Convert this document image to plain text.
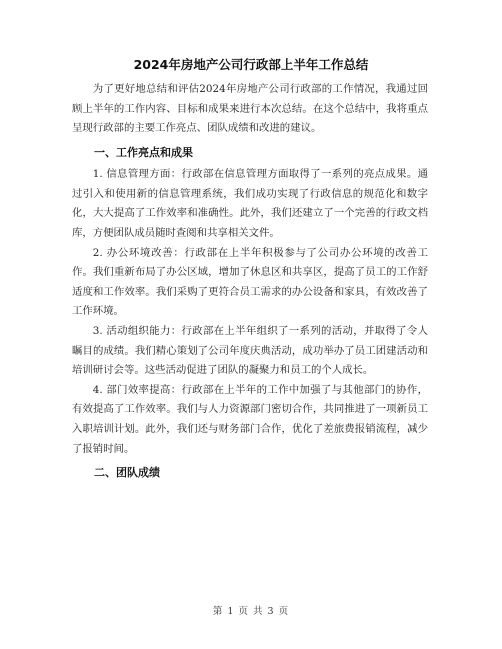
2024年房地产公司行政部上半年工作总结

为了更好地总结和评估2024年房地产公司行政部的工作情况，我通过回顾上半年的工作内容、目标和成果来进行本次总结。在这个总结中，我将重点呈现行政部的主要工作亮点、团队成绩和改进的建议。

一、工作亮点和成果

1. 信息管理方面：行政部在信息管理方面取得了一系列的亮点成果。通过引入和使用新的信息管理系统，我们成功实现了行政信息的规范化和数字化，大大提高了工作效率和准确性。此外，我们还建立了一个完善的行政文档库，方便团队成员随时查阅和共享相关文件。

2. 办公环境改善：行政部在上半年积极参与了公司办公环境的改善工作。我们重新布局了办公区域，增加了休息区和共享区，提高了员工的工作舒适度和工作效率。我们采购了更符合员工需求的办公设备和家具，有效改善了工作环境。

3. 活动组织能力：行政部在上半年组织了一系列的活动，并取得了令人瞩目的成绩。我们精心策划了公司年度庆典活动，成功举办了员工团建活动和培训研讨会等。这些活动促进了团队的凝聚力和员工的个人成长。

4. 部门效率提高：行政部在上半年的工作中加强了与其他部门的协作，有效提高了工作效率。我们与人力资源部门密切合作，共同推进了一项新员工入职培训计划。此外，我们还与财务部门合作，优化了差旅费报销流程，减少了报销时间。

二、团队成绩
第 1 页 共 3 页
